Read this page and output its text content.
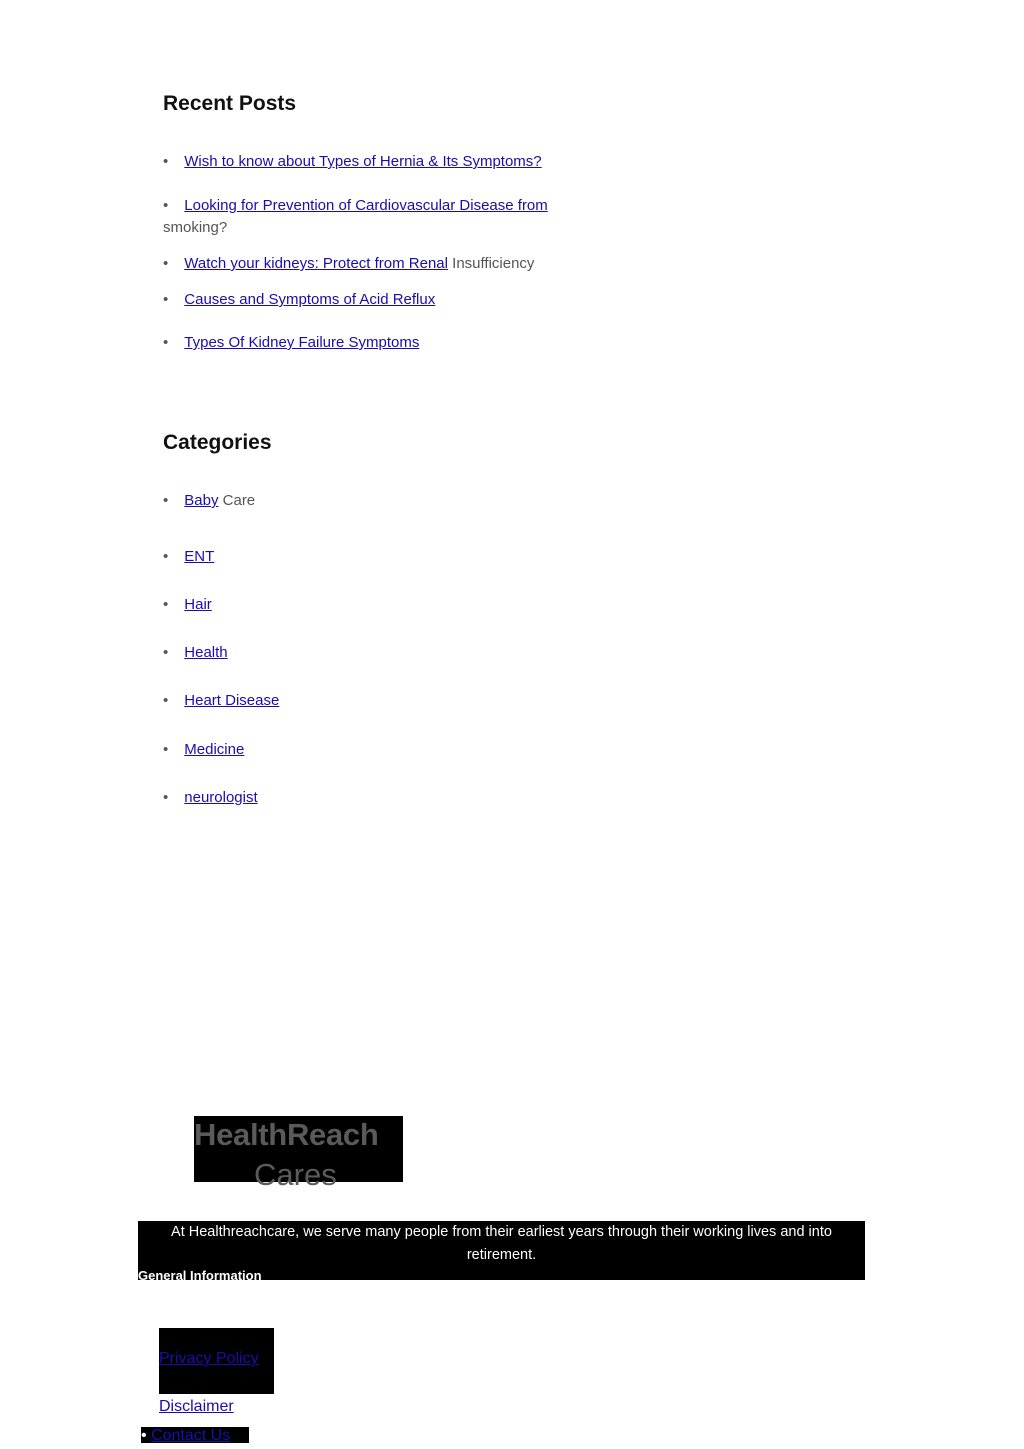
Recent Posts
• Wish to know about Types of Hernia & Its Symptoms?
• Looking for Prevention of Cardiovascular Disease from
smoking?
• Watch your kidneys: Protect from Renal Insufficiency
• Causes and Symptoms of Acid Reflux
• Types Of Kidney Failure Symptoms
Categories
• Baby Care
• ENT
• Hair
• Health
• Heart Disease
• Medicine
• neurologist
HealthReach
Cares
At Healthreachcare, we serve many people from their earliest years through their working lives and into retirement.
General Information
Privacy Policy
Disclaimer
• Contact Us
